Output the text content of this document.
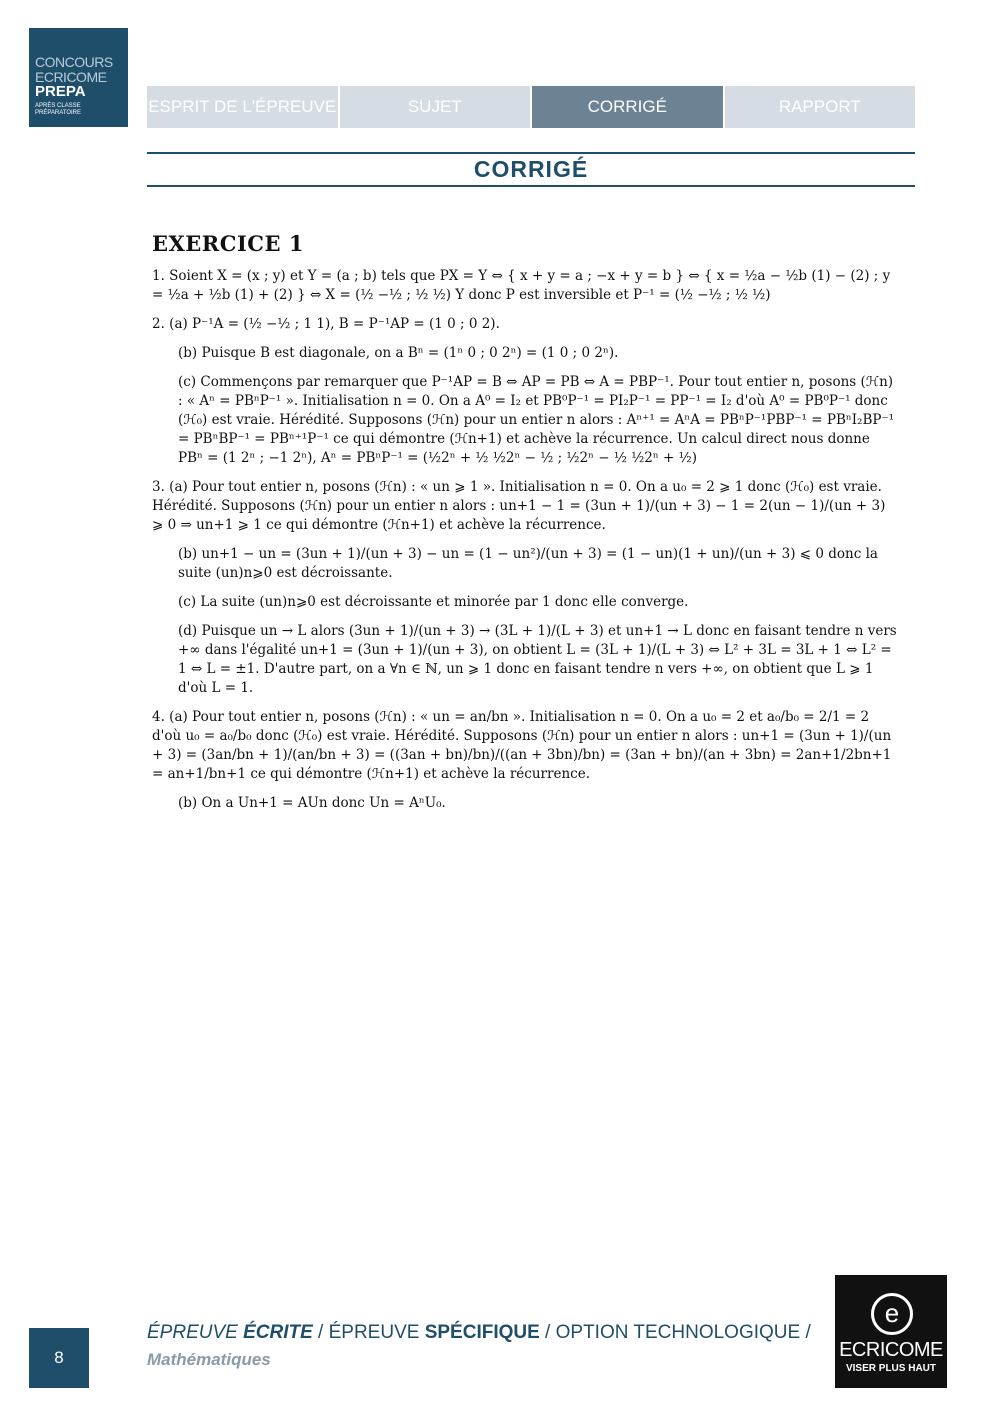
CONCOURS
ECRICOME
PREPA
APRÈS CLASSE PRÉPARATOIRE	ESPRIT DE L'ÉPREUVE	SUJET	CORRIGÉ	RAPPORT
CORRIGÉ
EXERCICE 1
1. Soient X = (x ; y) et Y = (a ; b) tels que PX = Y ⇔ { x + y = a ; −x + y = b } ⇔ { x = ½a − ½b (1) − (2) ; y = ½a + ½b (1) + (2) } ⇔ X = (½ −½ ; ½ ½) Y donc P est inversible et P⁻¹ = (½ −½ ; ½ ½)
2. (a) P⁻¹A = (½ −½ ; 1 1), B = P⁻¹AP = (1 0 ; 0 2).
(b) Puisque B est diagonale, on a Bⁿ = (1ⁿ 0 ; 0 2ⁿ) = (1 0 ; 0 2ⁿ).
(c) Commençons par remarquer que P⁻¹AP = B ⇔ AP = PB ⇔ A = PBP⁻¹. Pour tout entier n, posons (ℋn) : « Aⁿ = PBⁿP⁻¹ ». Initialisation n = 0. On a A⁰ = I₂ et PB⁰P⁻¹ = PI₂P⁻¹ = PP⁻¹ = I₂ d'où A⁰ = PB⁰P⁻¹ donc (ℋ₀) est vraie. Hérédité. Supposons (ℋn) pour un entier n alors : Aⁿ⁺¹ = AⁿA = PBⁿP⁻¹PBP⁻¹ = PBⁿI₂BP⁻¹ = PBⁿBP⁻¹ = PBⁿ⁺¹P⁻¹ ce qui démontre (ℋn+1) et achève la récurrence. Un calcul direct nous donne PBⁿ = (1 2ⁿ ; −1 2ⁿ), Aⁿ = PBⁿP⁻¹ = (½2ⁿ + ½ ½2ⁿ − ½ ; ½2ⁿ − ½ ½2ⁿ + ½)
3. (a) Pour tout entier n, posons (ℋn) : « un ⩾ 1 ». Initialisation n = 0. On a u₀ = 2 ⩾ 1 donc (ℋ₀) est vraie. Hérédité. Supposons (ℋn) pour un entier n alors : un+1 − 1 = (3un + 1)/(un + 3) − 1 = 2(un − 1)/(un + 3) ⩾ 0 ⇒ un+1 ⩾ 1 ce qui démontre (ℋn+1) et achève la récurrence.
(b) un+1 − un = (3un + 1)/(un + 3) − un = (1 − un²)/(un + 3) = (1 − un)(1 + un)/(un + 3) ⩽ 0 donc la suite (un)n⩾0 est décroissante.
(c) La suite (un)n⩾0 est décroissante et minorée par 1 donc elle converge.
(d) Puisque un → L alors (3un + 1)/(un + 3) → (3L + 1)/(L + 3) et un+1 → L donc en faisant tendre n vers +∞ dans l'égalité un+1 = (3un + 1)/(un + 3), on obtient L = (3L + 1)/(L + 3) ⇔ L² + 3L = 3L + 1 ⇔ L² = 1 ⇔ L = ±1. D'autre part, on a ∀n ∈ ℕ, un ⩾ 1 donc en faisant tendre n vers +∞, on obtient que L ⩾ 1 d'où L = 1.
4. (a) Pour tout entier n, posons (ℋn) : « un = an/bn ». Initialisation n = 0. On a u₀ = 2 et a₀/b₀ = 2/1 = 2 d'où u₀ = a₀/b₀ donc (ℋ₀) est vraie. Hérédité. Supposons (ℋn) pour un entier n alors : un+1 = (3un + 1)/(un + 3) = (3an/bn + 1)/(an/bn + 3) = ((3an + bn)/bn)/((an + 3bn)/bn) = (3an + bn)/(an + 3bn) = 2an+1/2bn+1 = an+1/bn+1 ce qui démontre (ℋn+1) et achève la récurrence.
(b) On a Un+1 = AUn donc Un = AⁿU₀.
8
ÉPREUVE ÉCRITE / ÉPREUVE SPÉCIFIQUE / OPTION TECHNOLOGIQUE /
Mathématiques
e
ECRICOME
VISER PLUS HAUT
